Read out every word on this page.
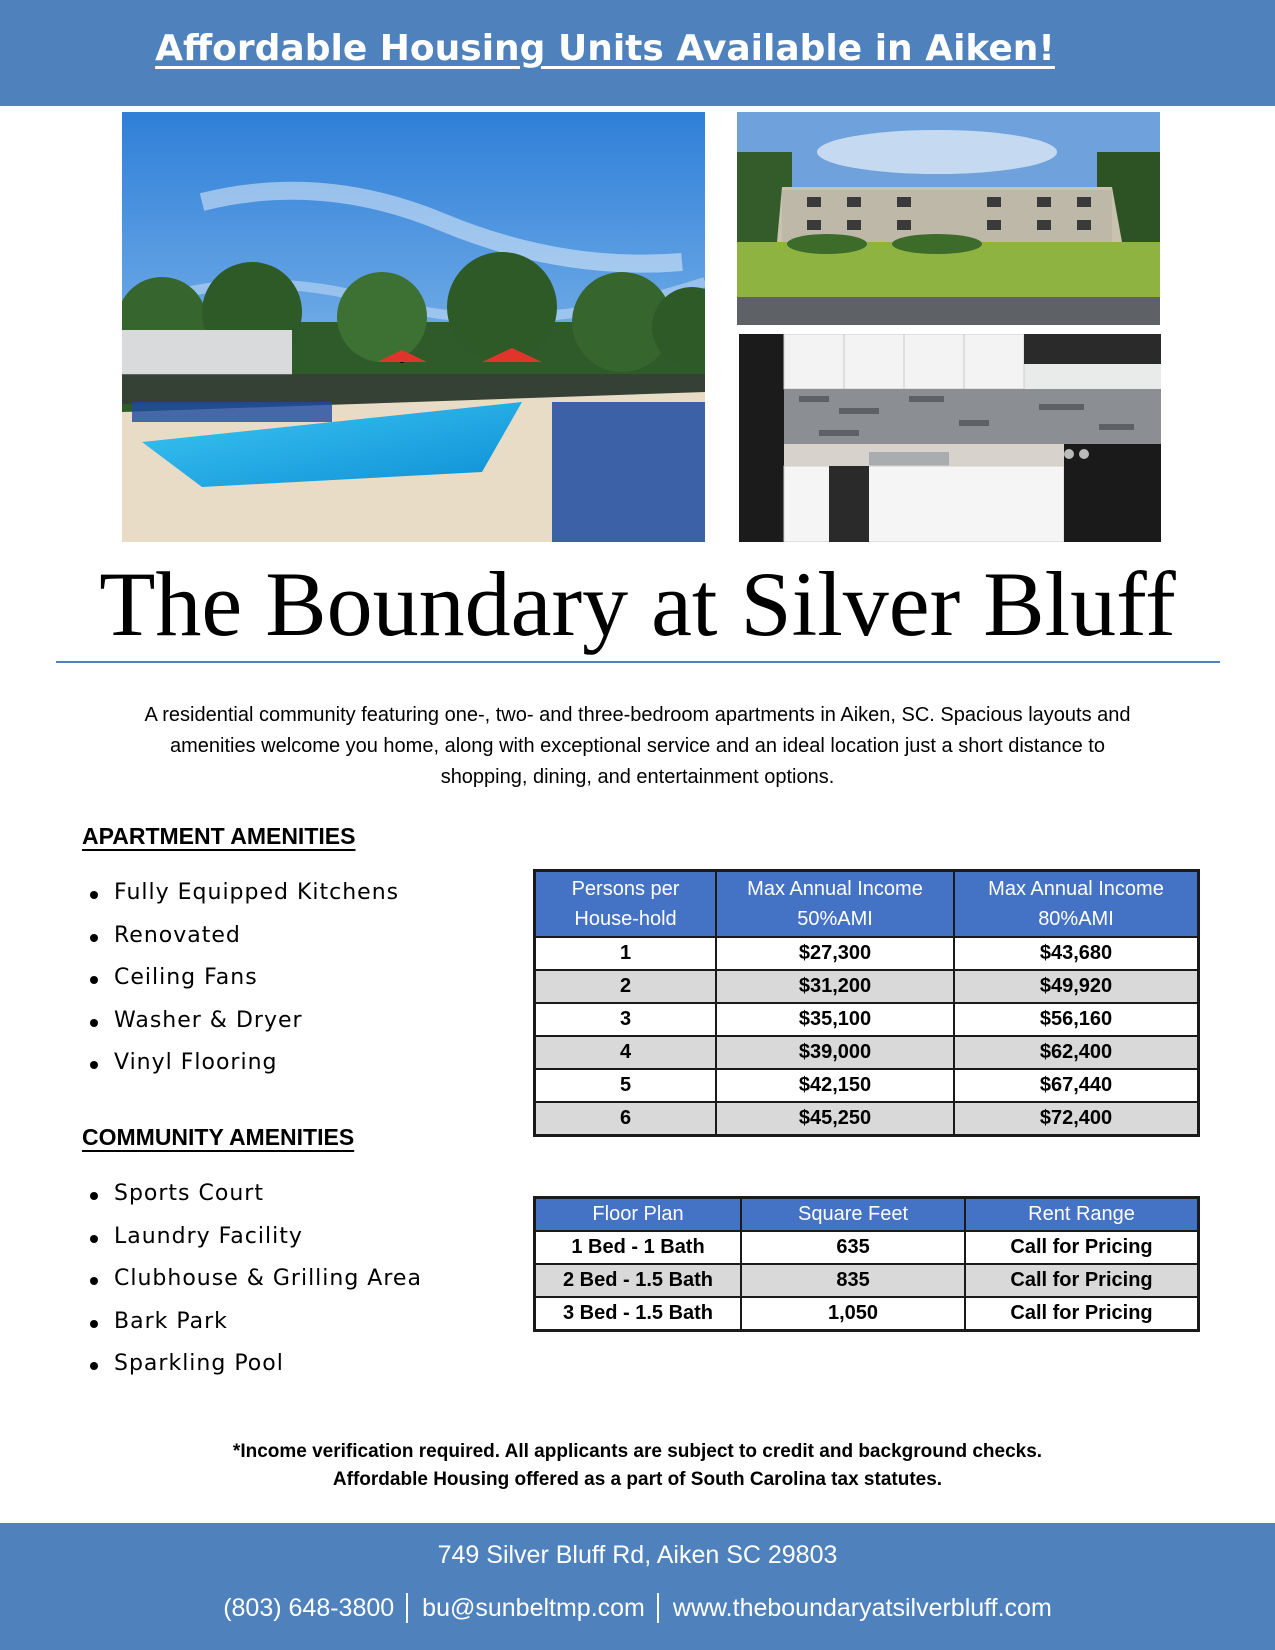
Affordable Housing Units Available in Aiken!
The Boundary at Silver Bluff
A residential community featuring one-, two- and three-bedroom apartments in Aiken, SC. Spacious layouts and amenities welcome you home, along with exceptional service and an ideal location just a short distance to shopping, dining, and entertainment options.
APARTMENT AMENITIES
Fully Equipped Kitchens
Renovated
Ceiling Fans
Washer & Dryer
Vinyl Flooring
COMMUNITY AMENITIES
Sports Court
Laundry Facility
Clubhouse & Grilling Area
Bark Park
Sparkling Pool
Persons per House-hold	Max Annual Income 50%AMI	Max Annual Income 80%AMI
1	$27,300	$43,680
2	$31,200	$49,920
3	$35,100	$56,160
4	$39,000	$62,400
5	$42,150	$67,440
6	$45,250	$72,400
Floor Plan	Square Feet	Rent Range
1 Bed - 1 Bath	635	Call for Pricing
2 Bed - 1.5 Bath	835	Call for Pricing
3 Bed - 1.5 Bath	1,050	Call for Pricing
*Income verification required. All applicants are subject to credit and background checks.
Affordable Housing offered as a part of South Carolina tax statutes.
749 Silver Bluff Rd, Aiken SC 29803
(803) 648-3800 bu@sunbeltmp.com www.theboundaryatsilverbluff.com
